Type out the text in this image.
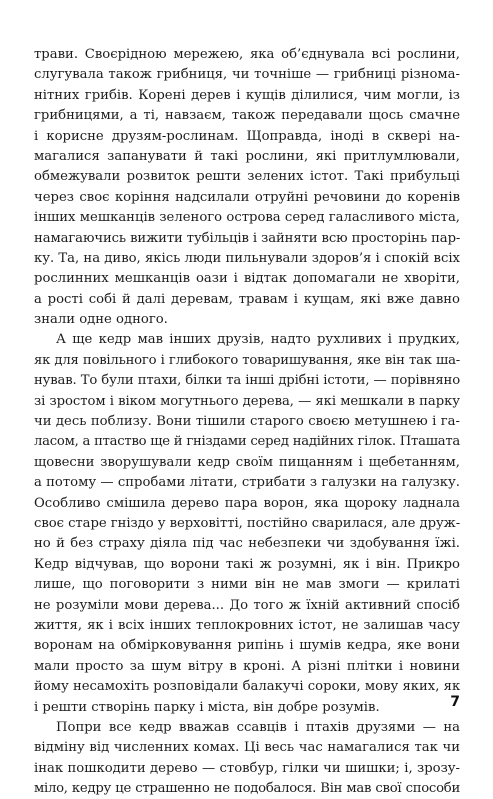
трави. Своєрідною мережею, яка об’єднувала всі рослини,
слугувала також грибниця, чи точніше — грибниці різнома-
нітних грибів. Корені дерев і кущів ділилися, чим могли, із
грибницями, а ті, навзаєм, також передавали щось смачне
і корисне друзям-рослинам. Щоправда, іноді в сквері на-
магалися запанувати й такі рослини, які притлумлювали,
обмежували розвиток решти зелених істот. Такі прибульці
через своє коріння надсилали отруйні речовини до коренів
інших мешканців зеленого острова серед галасливого міста,
намагаючись вижити тубільців і зайняти всю просторінь пар-
ку. Та, на диво, якісь люди пильнували здоров’я і спокій всіх
рослинних мешканців оази і відтак допомагали не хворіти,
а рості собі й далі деревам, травам і кущам, які вже давно
знали одне одного.
А ще кедр мав інших друзів, надто рухливих і прудких,
як для повільного і глибокого товаришування, яке він так ша-
нував. То були птахи, білки та інші дрібні істоти, — порівняно
зі зростом і віком могутнього дерева, — які мешкали в парку
чи десь поблизу. Вони тішили старого своєю метушнею і га-
ласом, а птаство ще й гніздами серед надійних гілок. Пташата
щовесни зворушували кедр своїм пищанням і щебетанням,
а потому — спробами літати, стрибати з галузки на галузку.
Особливо смішила дерево пара ворон, яка щороку ладнала
своє старе гніздо у верховітті, постійно сварилася, але друж-
но й без страху діяла під час небезпеки чи здобування їжі.
Кедр відчував, що ворони такі ж розумні, як і він. Прикро
лише, що поговорити з ними він не мав змоги — крилаті
не розуміли мови дерева... До того ж їхній активний спосіб
життя, як і всіх інших теплокровних істот, не залишав часу
воронам на обмірковування рипінь і шумів кедра, яке вони
мали просто за шум вітру в кроні. А різні плітки і новини
йому несамохіть розповідали балакучі сороки, мову яких, як
і решти створінь парку і міста, він добре розумів.
Попри все кедр вважав ссавців і птахів друзями — на
відміну від численних комах. Ці весь час намагалися так чи
інак пошкодити дерево — стовбур, гілки чи шишки; і, зрозу-
міло, кедру це страшенно не подобалося. Він мав свої способи
7
